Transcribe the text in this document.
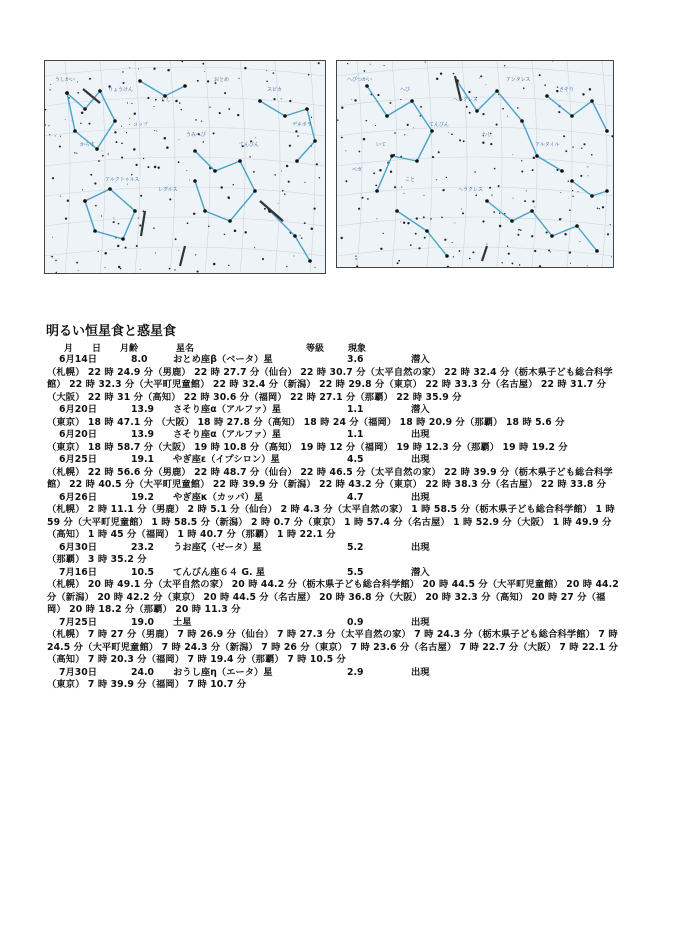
うしかい
りょうけん
しし
おとめ
スピカ
からす
コップ
うみへび
てんびん
デネボラ
アルクトゥルス
レグルス
へびつかい
へび
ヘルクレス
アンタレス
さそり
いて
てんびん
わし
アルタイル
ベガ
こと
ヘラクレス
明るい恒星食と惑星食
月 日 月齢	星名	等級	現象
6月14日	8.0	おとめ座β（ベータ）星	3.6	潜入
（札幌） 22 時 24.9 分（男鹿） 22 時 27.7 分（仙台） 22 時 30.7 分（太平自然の家） 22 時 32.4 分（栃木県子ども総合科学館） 22 時 32.3 分（大平町児童館） 22 時 32.4 分（新潟） 22 時 29.8 分（東京） 22 時 33.3 分（名古屋） 22 時 31.7 分（大阪） 22 時 31 分（高知） 22 時 30.6 分（福岡） 22 時 27.1 分（那覇） 22 時 35.9 分
6月20日	13.9 さそり座α（アルファ）星	1.1	潜入
（東京） 18 時 47.1 分 （大阪） 18 時 27.8 分（高知） 18 時 24 分（福岡） 18 時 20.9 分（那覇） 18 時 5.6 分
6月20日	13.9 さそり座α（アルファ）星	1.1	出現
（東京） 18 時 58.7 分（大阪） 19 時 10.8 分（高知） 19 時 12 分（福岡） 19 時 12.3 分（那覇） 19 時 19.2 分
6月25日	19.1 やぎ座ε（イプシロン）星	4.5	出現
（札幌） 22 時 56.6 分（男鹿） 22 時 48.7 分（仙台） 22 時 46.5 分（太平自然の家） 22 時 39.9 分（栃木県子ども総合科学館） 22 時 40.5 分（大平町児童館） 22 時 39.9 分（新潟） 22 時 43.2 分（東京） 22 時 38.3 分（名古屋） 22 時 33.8 分
6月26日	19.2 やぎ座κ（カッパ）星	4.7	出現
（札幌） 2 時 11.1 分（男鹿） 2 時 5.1 分（仙台） 2 時 4.3 分（太平自然の家） 1 時 58.5 分（栃木県子ども総合科学館） 1 時 59 分（大平町児童館） 1 時 58.5 分（新潟） 2 時 0.7 分（東京） 1 時 57.4 分（名古屋） 1 時 52.9 分（大阪） 1 時 49.9 分（高知） 1 時 45 分（福岡） 1 時 40.7 分（那覇） 1 時 22.1 分
6月30日	23.2 うお座ζ（ゼータ）星	5.2	出現
（那覇） 3 時 35.2 分
7月16日	10.5 てんびん座６４ G. 星	5.5	潜入
（札幌） 20 時 49.1 分（太平自然の家） 20 時 44.2 分（栃木県子ども総合科学館） 20 時 44.5 分（大平町児童館） 20 時 44.2 分（新潟） 20 時 42.2 分（東京） 20 時 44.5 分（名古屋） 20 時 36.8 分（大阪） 20 時 32.3 分（高知） 20 時 27 分（福岡） 20 時 18.2 分（那覇） 20 時 11.3 分
7月25日	19.0 土星	0.9	出現
（札幌） 7 時 27 分（男鹿） 7 時 26.9 分（仙台） 7 時 27.3 分（太平自然の家） 7 時 24.3 分（栃木県子ども総合科学館） 7 時 24.5 分（大平町児童館） 7 時 24.3 分（新潟） 7 時 26 分（東京） 7 時 23.6 分（名古屋） 7 時 22.7 分（大阪） 7 時 22.1 分（高知） 7 時 20.3 分（福岡） 7 時 19.4 分（那覇） 7 時 10.5 分
7月30日	24.0 おうし座η（エータ）星	2.9	出現
（東京） 7 時 39.9 分（福岡） 7 時 10.7 分
